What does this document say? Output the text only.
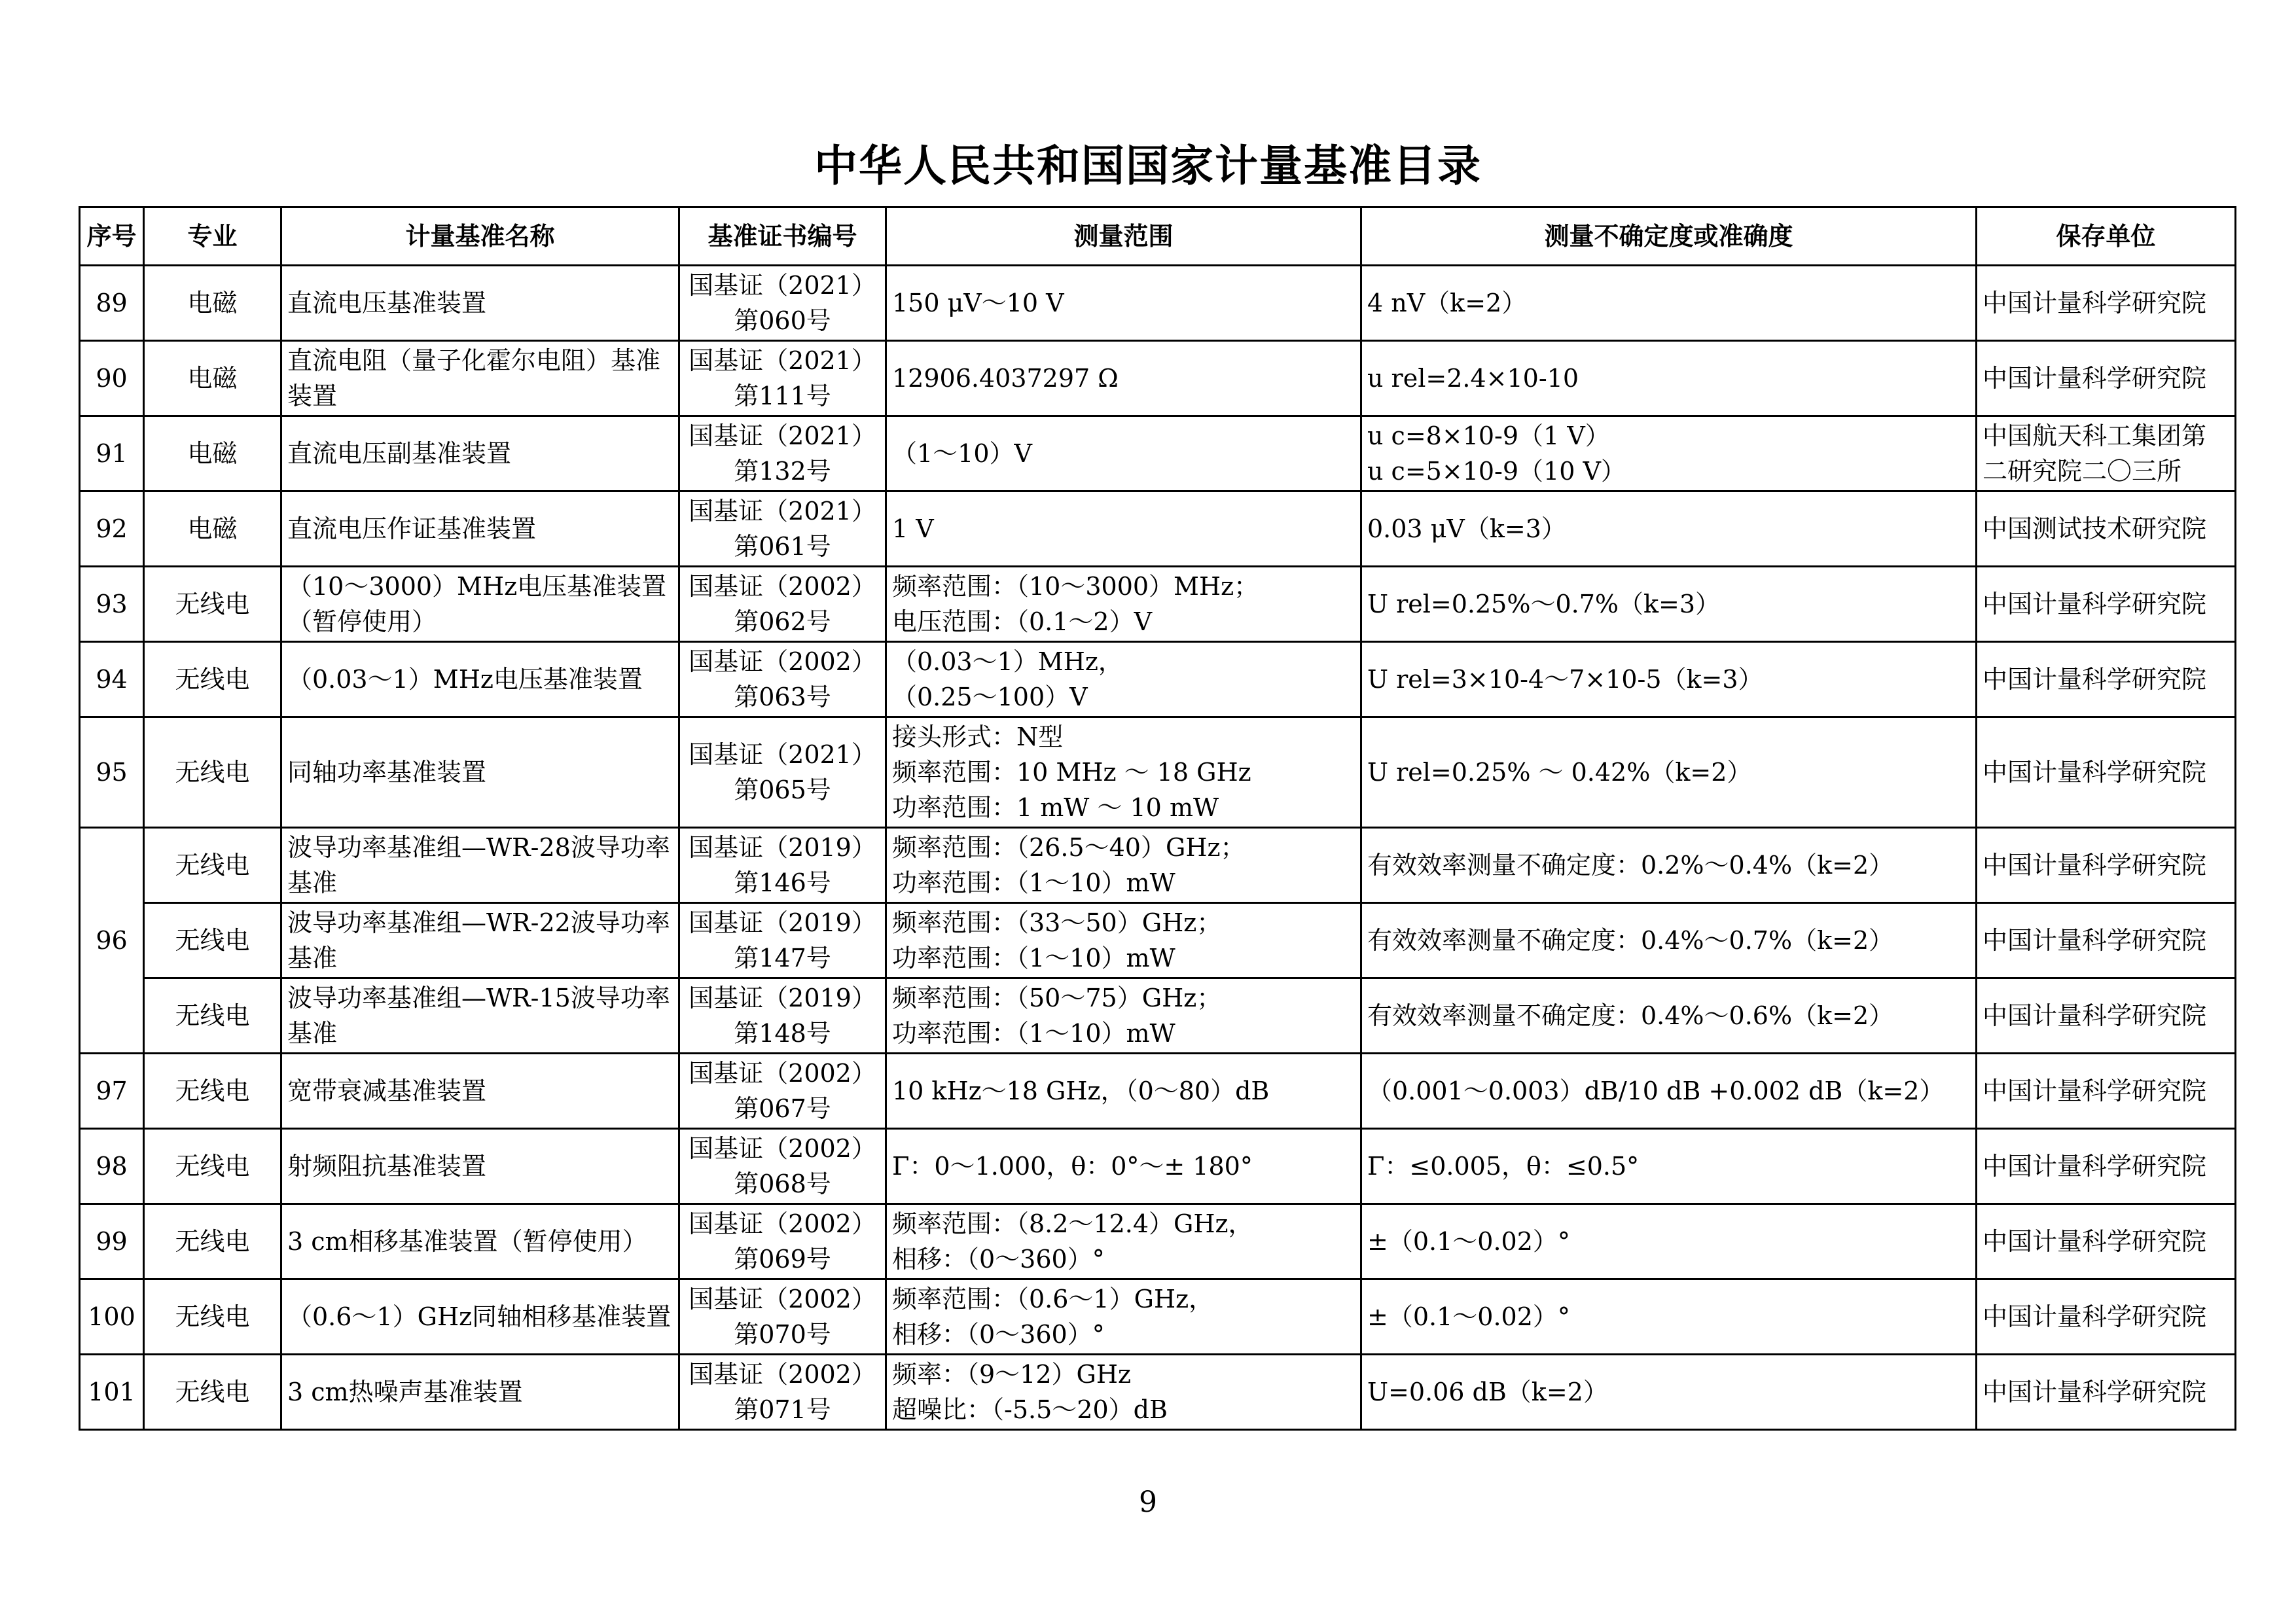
中华人民共和国国家计量基准目录
序号	专业	计量基准名称	基准证书编号	测量范围	测量不确定度或准确度	保存单位
89	电磁	直流电压基准装置	国基证（2021）
第060号	150 μV～10 V	4 nV（k=2）	中国计量科学研究院
90	电磁	直流电阻（量子化霍尔电阻）基准装置	国基证（2021）
第111号	12906.4037297 Ω	u rel=2.4×10-10	中国计量科学研究院
91	电磁	直流电压副基准装置	国基证（2021）
第132号	（1～10）V	u c=8×10-9（1 V）
u c=5×10-9（10 V）	中国航天科工集团第二研究院二〇三所
92	电磁	直流电压作证基准装置	国基证（2021）
第061号	1 V	0.03 μV（k=3）	中国测试技术研究院
93	无线电	（10～3000）MHz电压基准装置（暂停使用）	国基证（2002）
第062号	频率范围：（10～3000）MHz；
电压范围：（0.1～2）V	U rel=0.25%～0.7%（k=3）	中国计量科学研究院
94	无线电	（0.03～1）MHz电压基准装置	国基证（2002）
第063号	（0.03～1）MHz，
（0.25～100）V	U rel=3×10-4～7×10-5（k=3）	中国计量科学研究院
95	无线电	同轴功率基准装置	国基证（2021）
第065号	接头形式：N型
频率范围：10 MHz ～ 18 GHz
功率范围：1 mW ～ 10 mW	U rel=0.25% ～ 0.42%（k=2）	中国计量科学研究院
96	无线电	波导功率基准组—WR-28波导功率基准	国基证（2019）
第146号	频率范围：（26.5～40）GHz；
功率范围：（1～10）mW	有效效率测量不确定度：0.2%～0.4%（k=2）	中国计量科学研究院
	无线电	波导功率基准组—WR-22波导功率基准	国基证（2019）
第147号	频率范围：（33～50）GHz；
功率范围：（1～10）mW	有效效率测量不确定度：0.4%～0.7%（k=2）	中国计量科学研究院
	无线电	波导功率基准组—WR-15波导功率基准	国基证（2019）
第148号	频率范围：（50～75）GHz；
功率范围：（1～10）mW	有效效率测量不确定度：0.4%～0.6%（k=2）	中国计量科学研究院
97	无线电	宽带衰减基准装置	国基证（2002）
第067号	10 kHz～18 GHz，（0～80）dB	（0.001～0.003）dB/10 dB +0.002 dB（k=2）	中国计量科学研究院
98	无线电	射频阻抗基准装置	国基证（2002）
第068号	Γ：0～1.000，θ：0°～± 180°	Γ：≤0.005，θ：≤0.5°	中国计量科学研究院
99	无线电	3 cm相移基准装置（暂停使用）	国基证（2002）
第069号	频率范围：（8.2～12.4）GHz，
相移：（0～360）°	±（0.1～0.02）°	中国计量科学研究院
100	无线电	（0.6～1）GHz同轴相移基准装置	国基证（2002）
第070号	频率范围：（0.6～1）GHz，
相移：（0～360）°	±（0.1～0.02）°	中国计量科学研究院
101	无线电	3 cm热噪声基准装置	国基证（2002）
第071号	频率：（9～12）GHz
超噪比：（-5.5～20）dB	U=0.06 dB（k=2）	中国计量科学研究院
9
